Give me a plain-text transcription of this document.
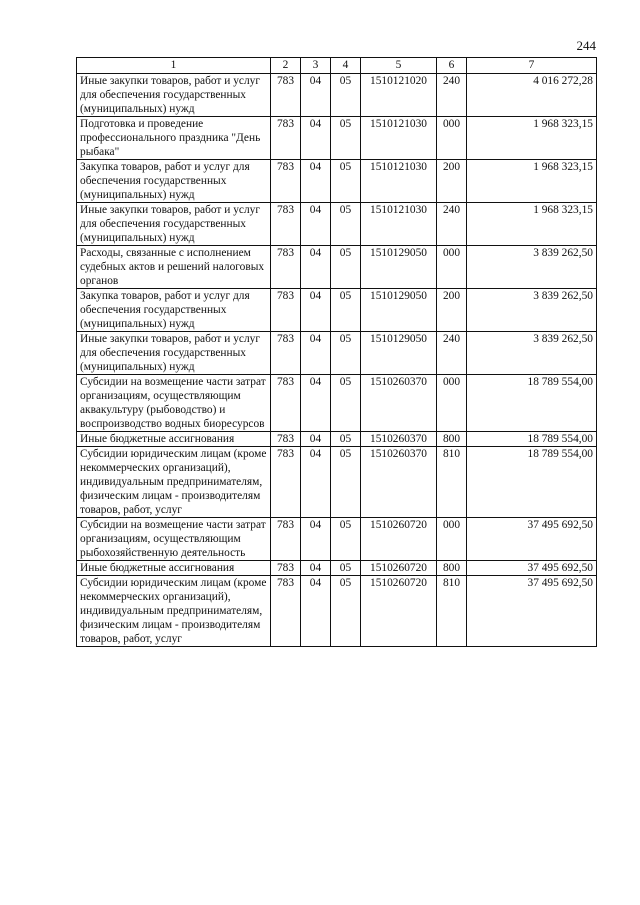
244
1	2	3	4	5	6	7
Иные закупки товаров, работ и услуг для обеспечения государственных (муниципальных) нужд	783	04	05	1510121020	240	4 016 272,28
Подготовка и проведение профессионального праздника "День рыбака"	783	04	05	1510121030	000	1 968 323,15
Закупка товаров, работ и услуг для обеспечения государственных (муниципальных) нужд	783	04	05	1510121030	200	1 968 323,15
Иные закупки товаров, работ и услуг для обеспечения государственных (муниципальных) нужд	783	04	05	1510121030	240	1 968 323,15
Расходы, связанные с исполнением судебных актов и решений налоговых органов	783	04	05	1510129050	000	3 839 262,50
Закупка товаров, работ и услуг для обеспечения государственных (муниципальных) нужд	783	04	05	1510129050	200	3 839 262,50
Иные закупки товаров, работ и услуг для обеспечения государственных (муниципальных) нужд	783	04	05	1510129050	240	3 839 262,50
Субсидии на возмещение части затрат организациям, осуществляющим аквакультуру (рыбоводство) и воспроизводство водных биоресурсов	783	04	05	1510260370	000	18 789 554,00
Иные бюджетные ассигнования	783	04	05	1510260370	800	18 789 554,00
Субсидии юридическим лицам (кроме некоммерческих организаций), индивидуальным предпринимателям, физическим лицам - производителям товаров, работ, услуг	783	04	05	1510260370	810	18 789 554,00
Субсидии на возмещение части затрат организациям, осуществляющим рыбохозяйственную деятельность	783	04	05	1510260720	000	37 495 692,50
Иные бюджетные ассигнования	783	04	05	1510260720	800	37 495 692,50
Субсидии юридическим лицам (кроме некоммерческих организаций), индивидуальным предпринимателям, физическим лицам - производителям товаров, работ, услуг	783	04	05	1510260720	810	37 495 692,50
